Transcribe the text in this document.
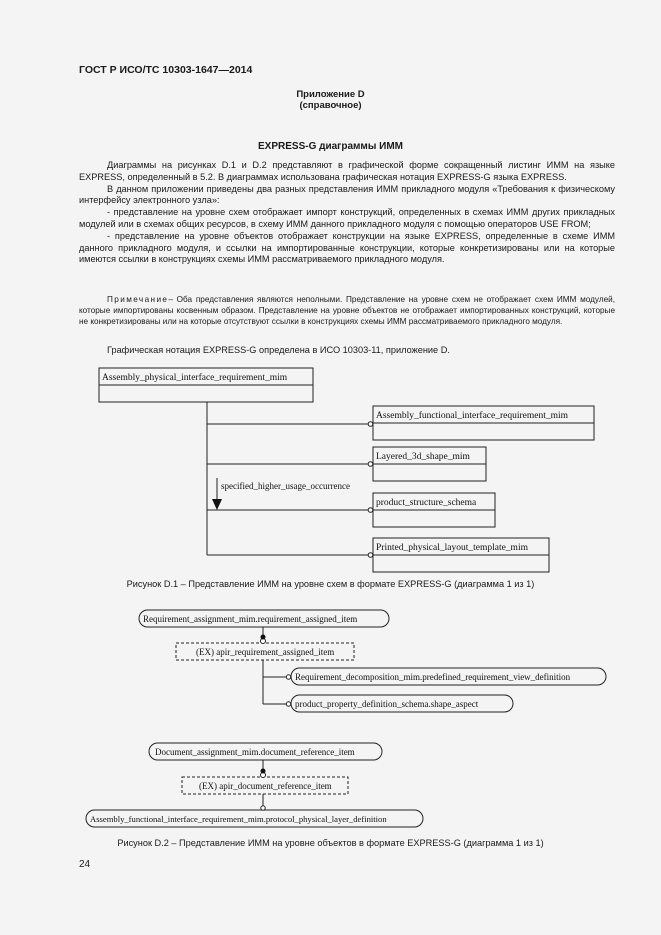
ГОСТ Р ИСО/ТС 10303-1647—2014
Приложение D
(справочное)
EXPRESS-G диаграммы ИММ

Диаграммы на рисунках D.1 и D.2 представляют в графической форме сокращенный листинг ИММ на языке EXPRESS, определенный в 5.2. В диаграммах использована графическая нотация EXPRESS-G языка EXPRESS.

В данном приложении приведены два разных представления ИММ прикладного модуля «Требования к физическому интерфейсу электронного узла»:

- представление на уровне схем отображает импорт конструкций, определенных в схемах ИММ других прикладных модулей или в схемах общих ресурсов, в схему ИММ данного прикладного модуля с помощью операторов USE FROM;

- представление на уровне объектов отображает конструкции на языке EXPRESS, определенные в схеме ИММ данного прикладного модуля, и ссылки на импортированные конструкции, которые конкретизированы или на которые имеются ссылки в конструкциях схемы ИММ рассматриваемого прикладного модуля.

Примечание– Оба представления являются неполными. Представление на уровне схем не отображает схем ИММ модулей, которые импортированы косвенным образом. Представление на уровне объектов не отображает импортированных конструкций, которые не конкретизированы или на которые отсутствуют ссылки в конструкциях схемы ИММ рассматриваемого прикладного модуля.

Графическая нотация EXPRESS-G определена в ИСО 10303-11, приложение D.

Assembly_physical_interface_requirement_mim
Assembly_functional_interface_requirement_mim
Layered_3d_shape_mim
product_structure_schema
Printed_physical_layout_template_mim
specified_higher_usage_occurrence
Requirement_assignment_mim.requirement_assigned_item
(EX) apir_requirement_assigned_item
Requirement_decomposition_mim.predefined_requirement_view_definition
product_property_definition_schema.shape_aspect
Document_assignment_mim.document_reference_item
(EX) apir_document_reference_item
Assembly_functional_interface_requirement_mim.protocol_physical_layer_definition
Рисунок D.1 – Представление ИММ на уровне схем в формате EXPRESS-G (диаграмма 1 из 1)
Рисунок D.2 – Представление ИММ на уровне объектов в формате EXPRESS-G (диаграмма 1 из 1)
24
